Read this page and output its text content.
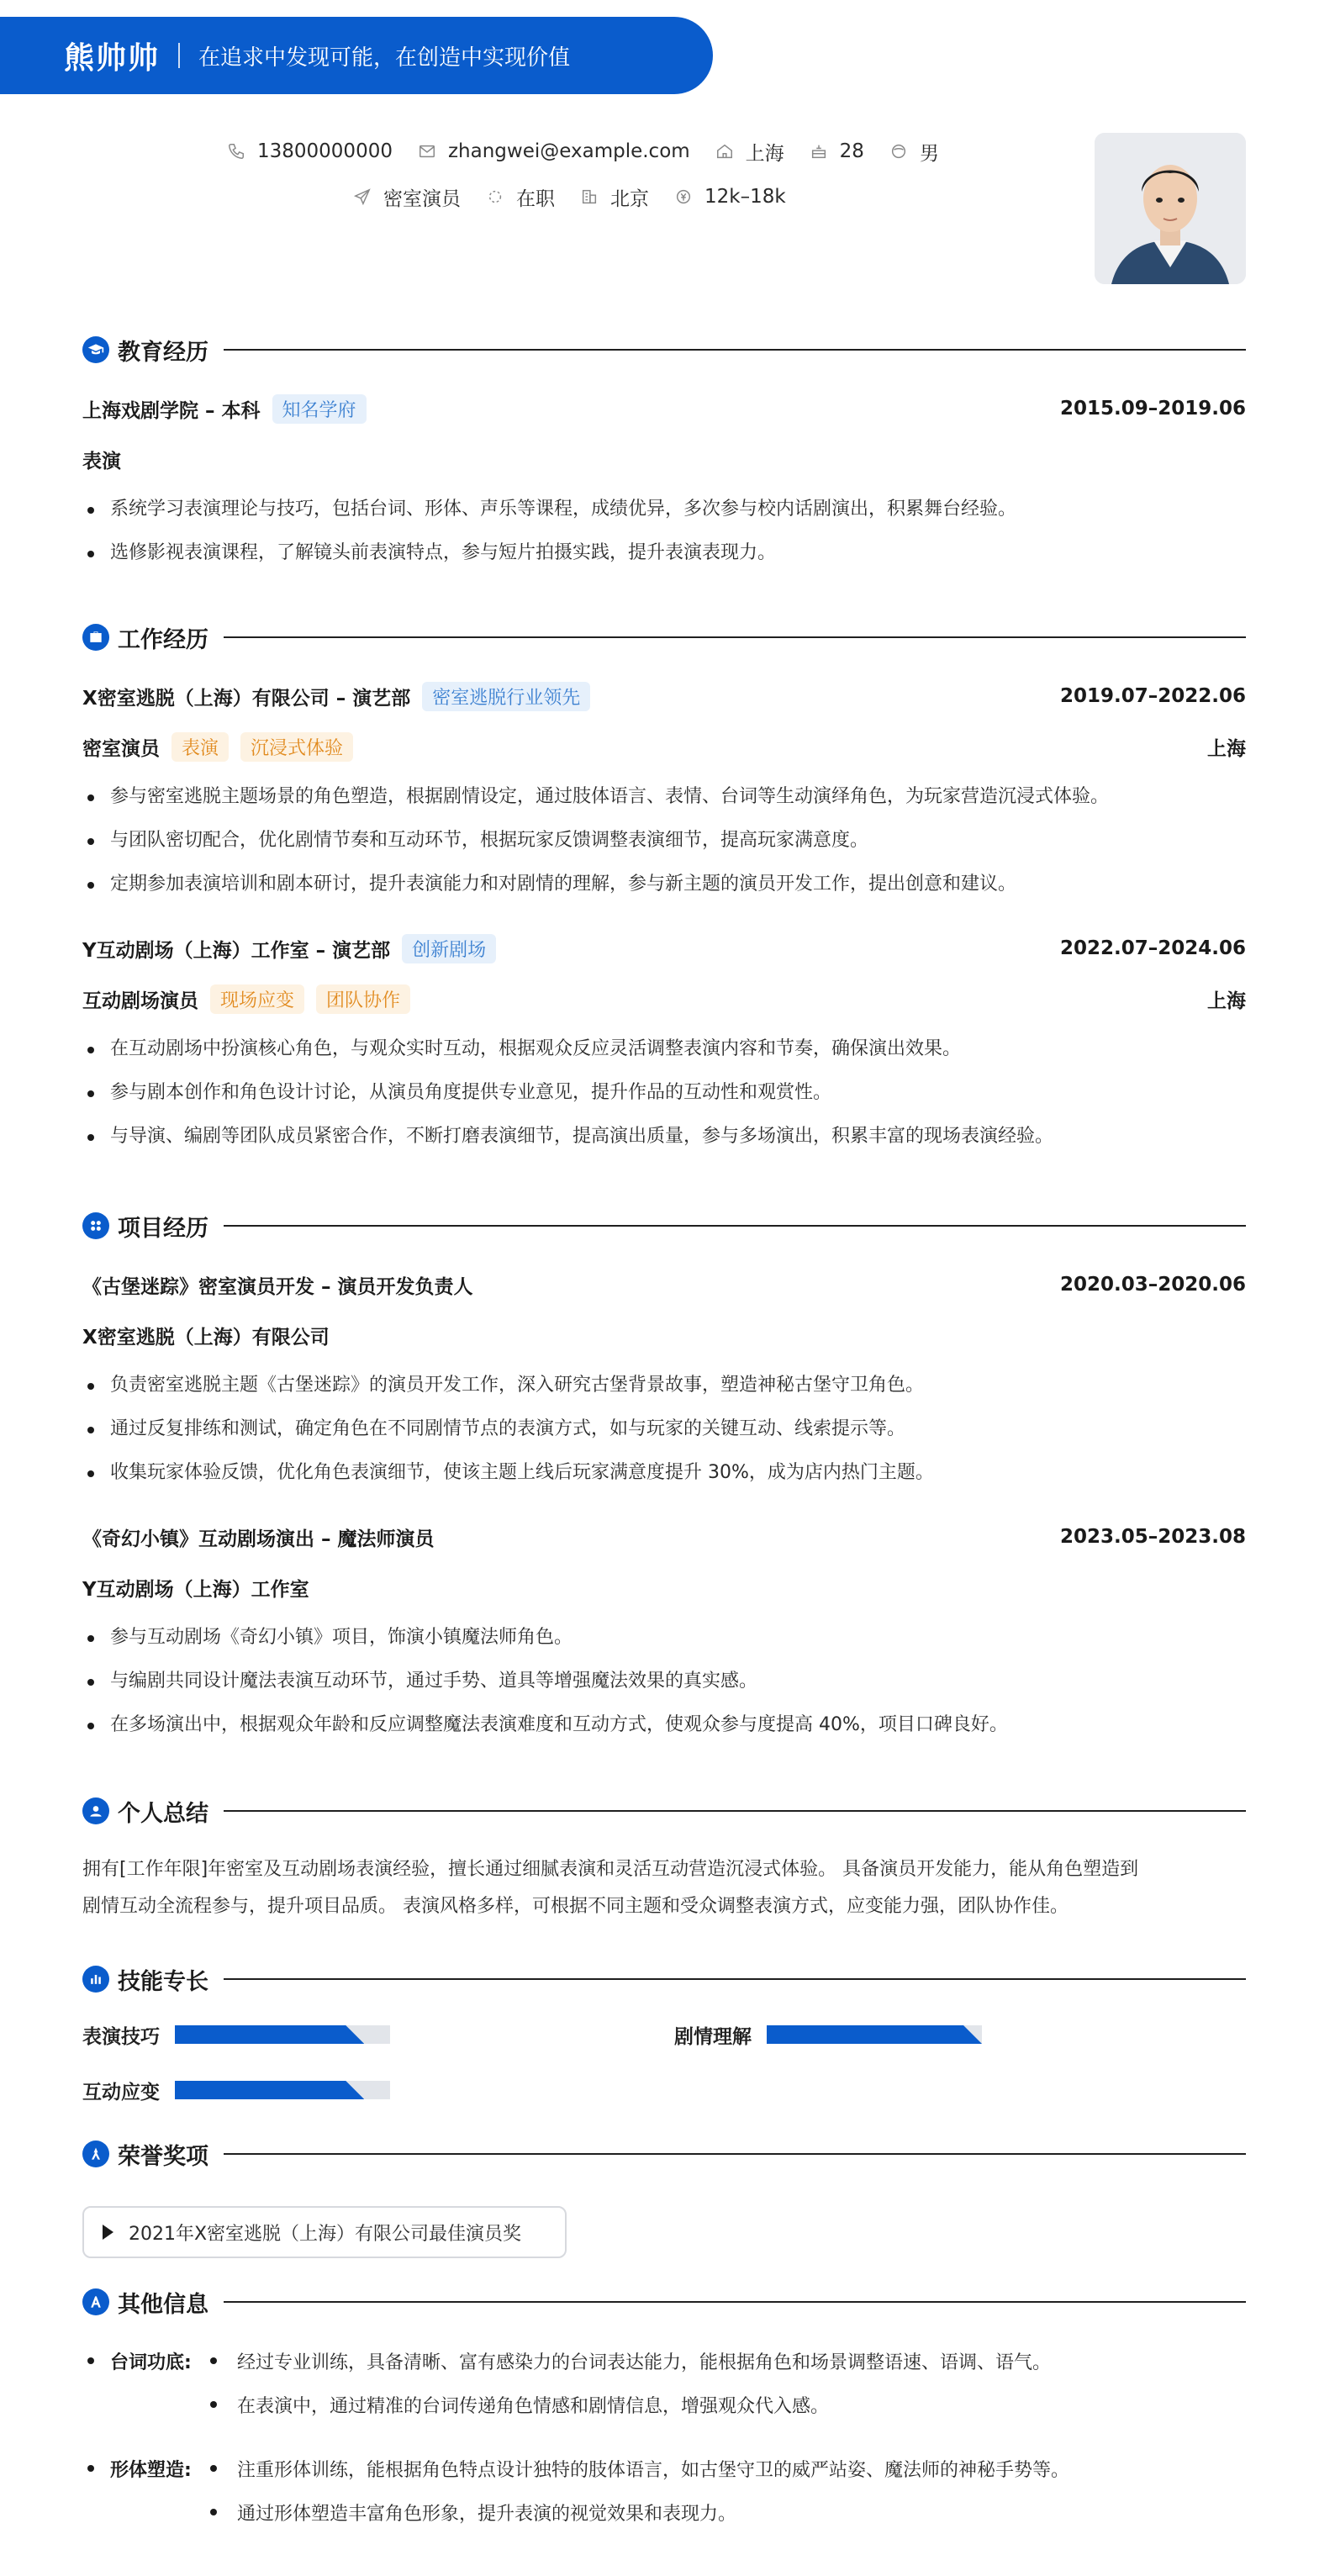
熊帅帅 在追求中发现可能，在创造中实现价值
13800000000	zhangwei@example.com	上海	28	男
密室演员	在职	北京	12k–18k
教育经历
上海戏剧学院 – 本科	知名学府	2015.09–2019.06
表演
系统学习表演理论与技巧，包括台词、形体、声乐等课程，成绩优异，多次参与校内话剧演出，积累舞台经验。
选修影视表演课程，了解镜头前表演特点，参与短片拍摄实践，提升表演表现力。
工作经历
X密室逃脱（上海）有限公司 – 演艺部	密室逃脱行业领先	2019.07–2022.06
密室演员	表演	沉浸式体验	上海
参与密室逃脱主题场景的角色塑造，根据剧情设定，通过肢体语言、表情、台词等生动演绎角色，为玩家营造沉浸式体验。
与团队密切配合，优化剧情节奏和互动环节，根据玩家反馈调整表演细节，提高玩家满意度。
定期参加表演培训和剧本研讨，提升表演能力和对剧情的理解，参与新主题的演员开发工作，提出创意和建议。
Y互动剧场（上海）工作室 – 演艺部	创新剧场	2022.07–2024.06
互动剧场演员	现场应变	团队协作	上海
在互动剧场中扮演核心角色，与观众实时互动，根据观众反应灵活调整表演内容和节奏，确保演出效果。
参与剧本创作和角色设计讨论，从演员角度提供专业意见，提升作品的互动性和观赏性。
与导演、编剧等团队成员紧密合作，不断打磨表演细节，提高演出质量，参与多场演出，积累丰富的现场表演经验。
项目经历
《古堡迷踪》密室演员开发 – 演员开发负责人	2020.03–2020.06
X密室逃脱（上海）有限公司
负责密室逃脱主题《古堡迷踪》的演员开发工作，深入研究古堡背景故事，塑造神秘古堡守卫角色。
通过反复排练和测试，确定角色在不同剧情节点的表演方式，如与玩家的关键互动、线索提示等。
收集玩家体验反馈，优化角色表演细节，使该主题上线后玩家满意度提升 30%，成为店内热门主题。
《奇幻小镇》互动剧场演出 – 魔法师演员	2023.05–2023.08
Y互动剧场（上海）工作室
参与互动剧场《奇幻小镇》项目，饰演小镇魔法师角色。
与编剧共同设计魔法表演互动环节，通过手势、道具等增强魔法效果的真实感。
在多场演出中，根据观众年龄和反应调整魔法表演难度和互动方式，使观众参与度提高 40%，项目口碑良好。
个人总结
拥有[工作年限]年密室及互动剧场表演经验，擅长通过细腻表演和灵活互动营造沉浸式体验。 具备演员开发能力，能从角色塑造到
剧情互动全流程参与，提升项目品质。 表演风格多样，可根据不同主题和受众调整表演方式，应变能力强，团队协作佳。
技能专长
表演技巧	剧情理解
互动应变
荣誉奖项
2021年X密室逃脱（上海）有限公司最佳演员奖
其他信息
台词功底: 经过专业训练，具备清晰、富有感染力的台词表达能力，能根据角色和场景调整语速、语调、语气。
在表演中，通过精准的台词传递角色情感和剧情信息，增强观众代入感。
形体塑造: 注重形体训练，能根据角色特点设计独特的肢体语言，如古堡守卫的威严站姿、魔法师的神秘手势等。
通过形体塑造丰富角色形象，提升表演的视觉效果和表现力。
